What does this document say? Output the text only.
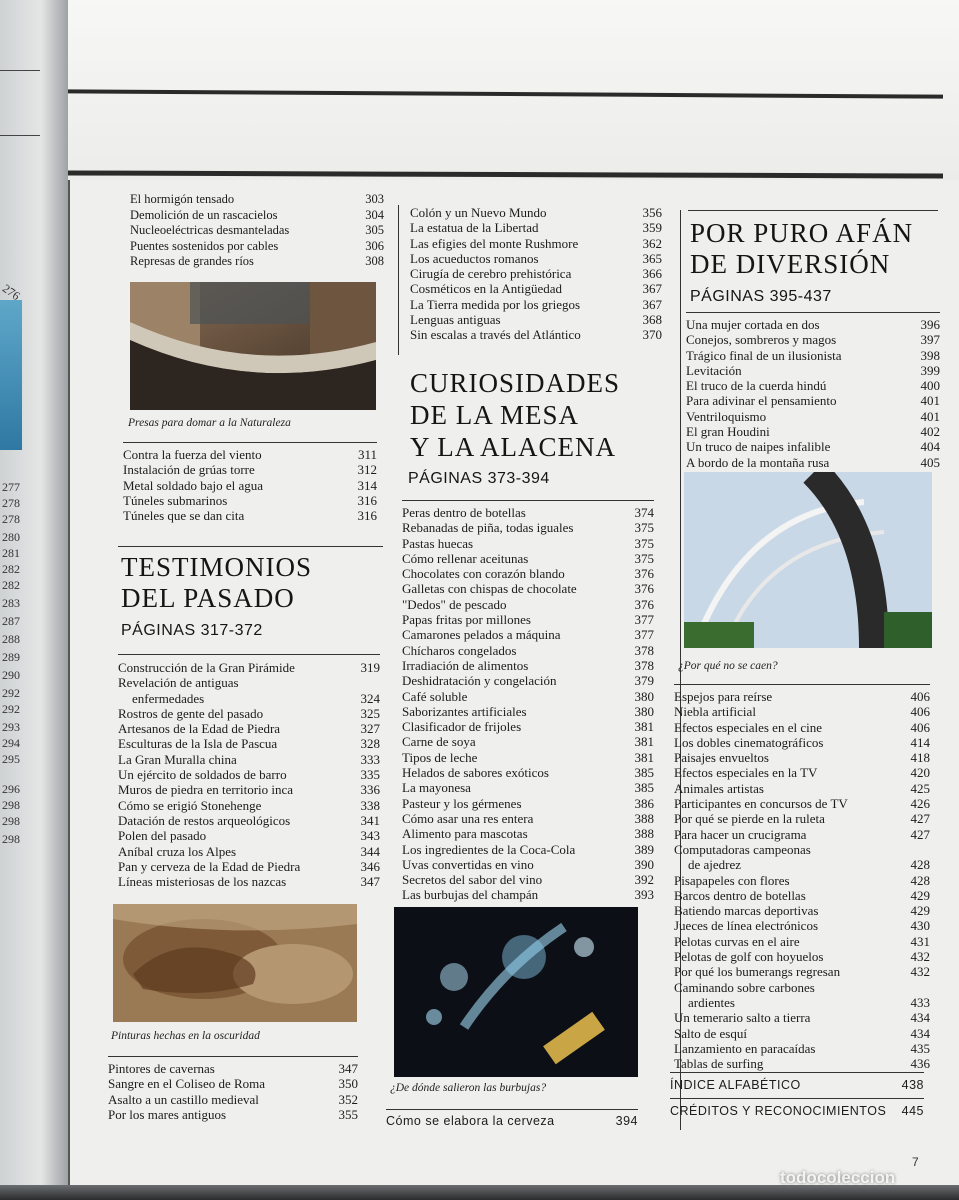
276
277
278
278
280
281
282
282
283
287
288
289
290
292
292
293
294
295
296
298
298
298
El hormigón tensado	303
Demolición de un rascacielos	304
Nucleoeléctricas desmanteladas	305
Puentes sostenidos por cables	306
Represas de grandes ríos	308
Presas para domar a la Naturaleza
Contra la fuerza del viento	311
Instalación de grúas torre	312
Metal soldado bajo el agua	314
Túneles submarinos	316
Túneles que se dan cita	316
TESTIMONIOS
DEL PASADO
PÁGINAS 317-372
Construcción de la Gran Pirámide	319
Revelación de antiguas
enfermedades	324
Rostros de gente del pasado	325
Artesanos de la Edad de Piedra	327
Esculturas de la Isla de Pascua	328
La Gran Muralla china	333
Un ejército de soldados de barro	335
Muros de piedra en territorio inca	336
Cómo se erigió Stonehenge	338
Datación de restos arqueológicos	341
Polen del pasado	343
Aníbal cruza los Alpes	344
Pan y cerveza de la Edad de Piedra	346
Líneas misteriosas de los nazcas	347
Pinturas hechas en la oscuridad
Pintores de cavernas	347
Sangre en el Coliseo de Roma	350
Asalto a un castillo medieval	352
Por los mares antiguos	355
Colón y un Nuevo Mundo	356
La estatua de la Libertad	359
Las efigies del monte Rushmore	362
Los acueductos romanos	365
Cirugía de cerebro prehistórica	366
Cosméticos en la Antigüedad	367
La Tierra medida por los griegos	367
Lenguas antiguas	368
Sin escalas a través del Atlántico	370
CURIOSIDADES
DE LA MESA
Y LA ALACENA
PÁGINAS 373-394
Peras dentro de botellas	374
Rebanadas de piña, todas iguales	375
Pastas huecas	375
Cómo rellenar aceitunas	375
Chocolates con corazón blando	376
Galletas con chispas de chocolate	376
"Dedos" de pescado	376
Papas fritas por millones	377
Camarones pelados a máquina	377
Chícharos congelados	378
Irradiación de alimentos	378
Deshidratación y congelación	379
Café soluble	380
Saborizantes artificiales	380
Clasificador de frijoles	381
Carne de soya	381
Tipos de leche	381
Helados de sabores exóticos	385
La mayonesa	385
Pasteur y los gérmenes	386
Cómo asar una res entera	388
Alimento para mascotas	388
Los ingredientes de la Coca-Cola	389
Uvas convertidas en vino	390
Secretos del sabor del vino	392
Las burbujas del champán	393
¿De dónde salieron las burbujas?
Cómo se elabora la cerveza	394
POR PURO AFÁN
DE DIVERSIÓN
PÁGINAS 395-437
Una mujer cortada en dos	396
Conejos, sombreros y magos	397
Trágico final de un ilusionista	398
Levitación	399
El truco de la cuerda hindú	400
Para adivinar el pensamiento	401
Ventriloquismo	401
El gran Houdini	402
Un truco de naipes infalible	404
A bordo de la montaña rusa	405
¿Por qué no se caen?
Espejos para reírse	406
Niebla artificial	406
Efectos especiales en el cine	406
Los dobles cinematográficos	414
Paisajes envueltos	418
Efectos especiales en la TV	420
Animales artistas	425
Participantes en concursos de TV	426
Por qué se pierde en la ruleta	427
Para hacer un crucigrama	427
Computadoras campeonas
de ajedrez	428
Pisapapeles con flores	428
Barcos dentro de botellas	429
Batiendo marcas deportivas	429
Jueces de línea electrónicos	430
Pelotas curvas en el aire	431
Pelotas de golf con hoyuelos	432
Por qué los bumerangs regresan	432
Caminando sobre carbones
ardientes	433
Un temerario salto a tierra	434
Salto de esquí	434
Lanzamiento en paracaídas	435
Tablas de surfing	436
ÍNDICE ALFABÉTICO	438
CRÉDITOS Y RECONOCIMIENTOS 445
7
todocoleccion
